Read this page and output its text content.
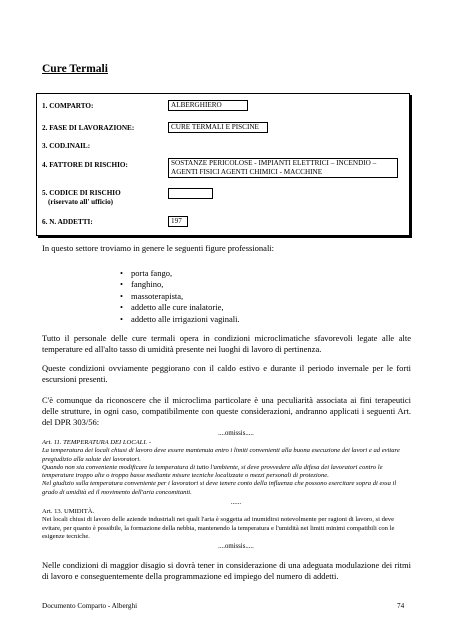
Cure Termali
1. COMPARTO:	ALBERGHIERO
2. FASE DI LAVORAZIONE:	CURE TERMALI E PISCINE
3. COD.INAIL:
4. FATTORE DI RISCHIO:	SOSTANZE PERICOLOSE - IMPIANTI ELETTRICI – INCENDIO – AGENTI FISICI AGENTI CHIMICI - MACCHINE
5. CODICE DI RISCHIO
(riservato all' ufficio)
6. N. ADDETTI:	197
In questo settore troviamo in genere le seguenti figure professionali:
• porta fango,
• fanghino,
• massoterapista,
• addetto alle cure inalatorie,
• addetto alle irrigazioni vaginali.
Tutto il personale delle cure termali opera in condizioni microclimatiche sfavorevoli legate alle alte temperature ed all'alto tasso di umidità presente nei luoghi di lavoro di pertinenza.
Queste condizioni ovviamente peggiorano con il caldo estivo e durante il periodo invernale per le forti escursioni presenti.
C'è comunque da riconoscere che il microclima particolare è una peculiarità associata ai fini terapeutici delle strutture, in ogni caso, compatibilmente con queste considerazioni, andranno applicati i seguenti Art. del DPR 303/56:
....omissis.....
Art. 11. TEMPERATURA DEI LOCALI. -
La temperatura dei locali chiusi di lavoro deve essere mantenuta entro i limiti convenienti alla buona esecuzione dei lavori e ad evitare pregiudizio alla salute dei lavoratori.
Quando non sia conveniente modificare la temperatura di tutto l'ambiente, si deve provvedere alla difesa dei lavoratori contro le temperature troppo alte o troppo basse mediante misure tecniche localizzate o mezzi personali di protezione.
Nel giudizio sulla temperatura conveniente per i lavoratori si deve tenere conto della influenza che possono esercitare sopra di essa il grado di umidità ed il movimento dell'aria concomitanti.
......
Art. 13. UMIDITÀ.
Nei locali chiusi di lavoro delle aziende industriali nei quali l'aria è soggetta ad inumidirsi notevolmente per ragioni di lavoro, si deve evitare, per quanto è possibile, la formazione della nebbia, mantenendo la temperatura e l'umidità nei limiti minimi compatibili con le esigenze tecniche.
....omissis.....
Nelle condizioni di maggior disagio si dovrà tener in considerazione di una adeguata modulazione dei ritmi di lavoro e conseguentemente della programmazione ed impiego del numero di addetti.
Documento Comparto - Alberghi	74
